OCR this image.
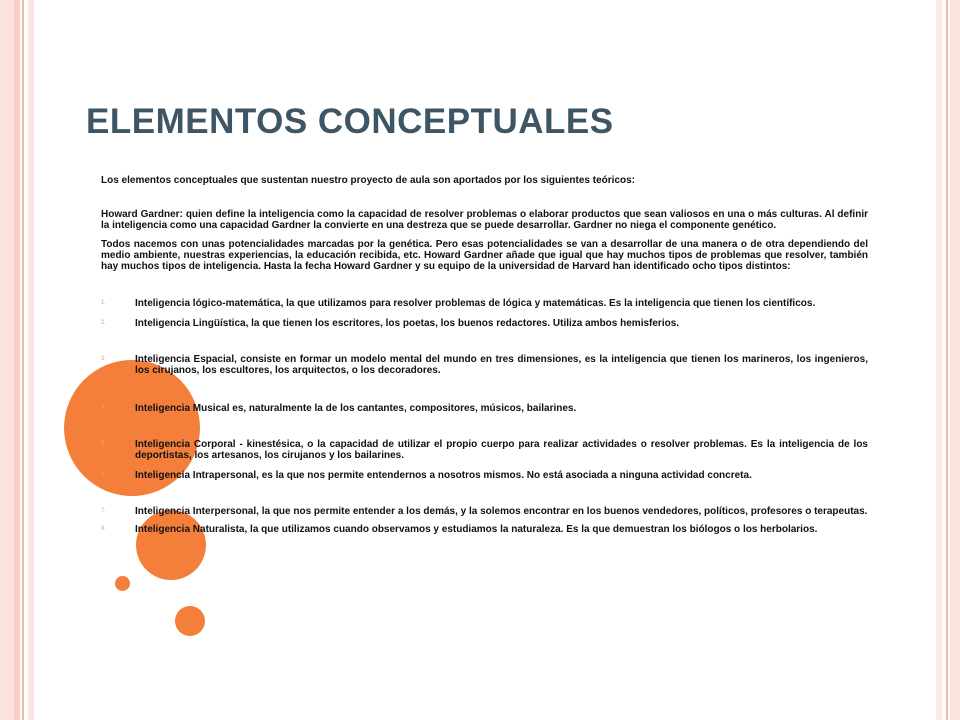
ELEMENTOS CONCEPTUALES

Los elementos conceptuales que sustentan nuestro proyecto de aula son aportados por los siguientes teóricos:

Howard Gardner: quien define la inteligencia como la capacidad de resolver problemas o elaborar productos que sean valiosos en una o más culturas. Al definir la inteligencia como una capacidad Gardner la convierte en una destreza que se puede desarrollar. Gardner no niega el componente genético.

Todos nacemos con unas potencialidades marcadas por la genética. Pero esas potencialidades se van a desarrollar de una manera o de otra dependiendo del medio ambiente, nuestras experiencias, la educación recibida, etc. Howard Gardner añade que igual que hay muchos tipos de problemas que resolver, también hay muchos tipos de inteligencia. Hasta la fecha Howard Gardner y su equipo de la universidad de Harvard han identificado ocho tipos distintos:

1.	Inteligencia lógico-matemática, la que utilizamos para resolver problemas de lógica y matemáticas. Es la inteligencia que tienen los científicos.
2.	Inteligencia Lingüística, la que tienen los escritores, los poetas, los buenos redactores. Utiliza ambos hemisferios.
3.	Inteligencia Espacial, consiste en formar un modelo mental del mundo en tres dimensiones, es la inteligencia que tienen los marineros, los ingenieros, los cirujanos, los escultores, los arquitectos, o los decoradores.
4.	Inteligencia Musical es, naturalmente la de los cantantes, compositores, músicos, bailarines.
5.	Inteligencia Corporal - kinestésica, o la capacidad de utilizar el propio cuerpo para realizar actividades o resolver problemas. Es la inteligencia de los deportistas, los artesanos, los cirujanos y los bailarines.
6.	Inteligencia Intrapersonal, es la que nos permite entendernos a nosotros mismos. No está asociada a ninguna actividad concreta.
7.	Inteligencia Interpersonal, la que nos permite entender a los demás, y la solemos encontrar en los buenos vendedores, políticos, profesores o terapeutas.
8.	Inteligencia Naturalista, la que utilizamos cuando observamos y estudiamos la naturaleza. Es la que demuestran los biólogos o los herbolarios.
